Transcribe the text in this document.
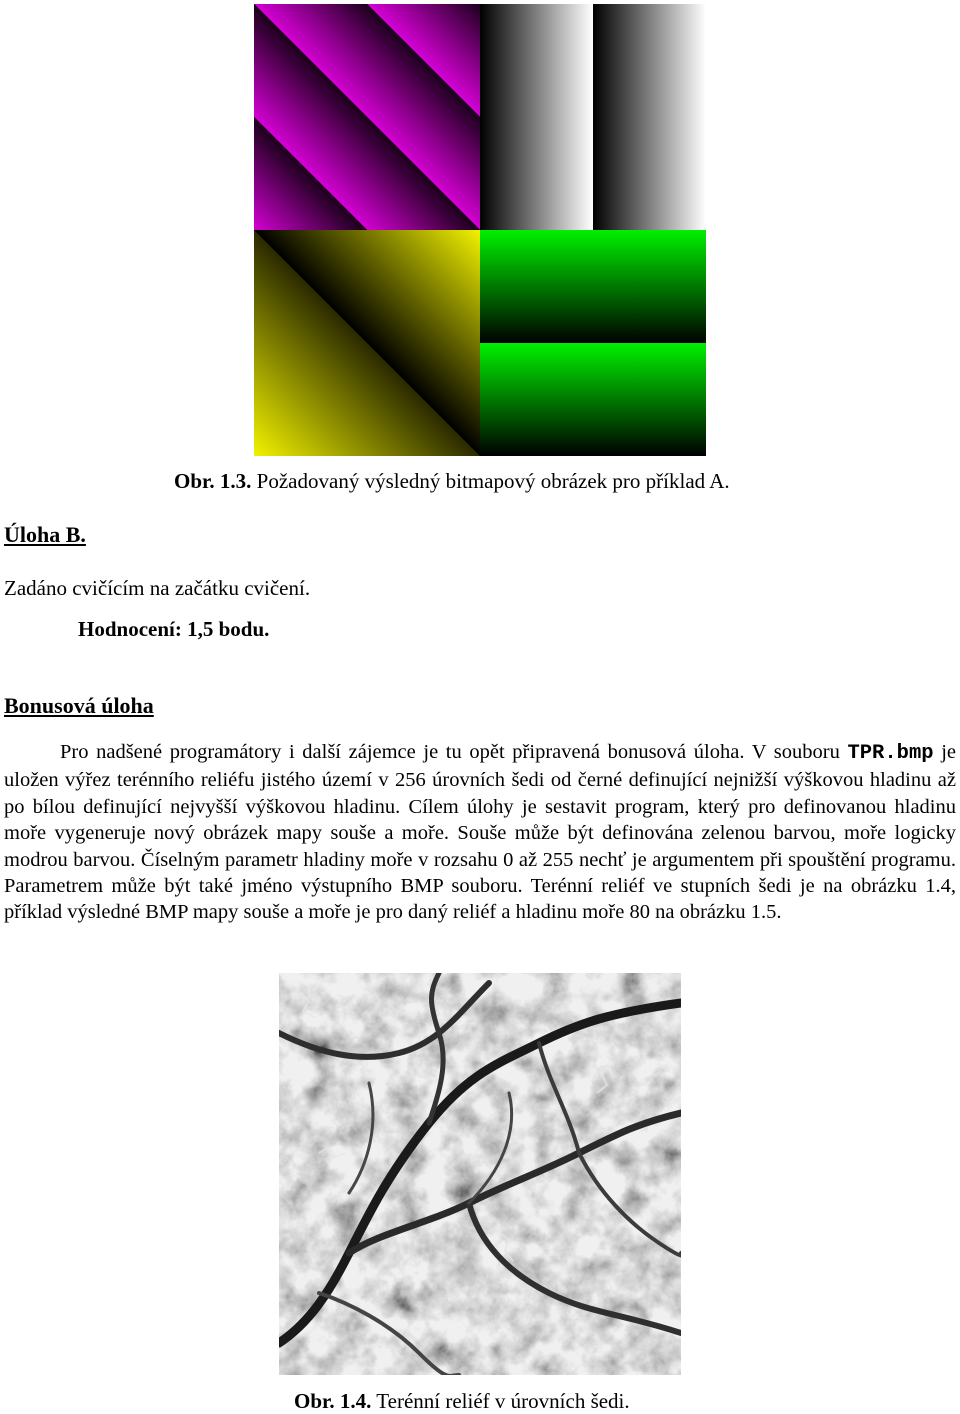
Obr. 1.3. Požadovaný výsledný bitmapový obrázek pro příklad A.
Úloha B.
Zadáno cvičícím na začátku cvičení.
Hodnocení: 1,5 bodu.
Bonusová úloha
Pro nadšené programátory i další zájemce je tu opět připravená bonusová úloha. V souboru TPR.bmp je uložen výřez terénního reliéfu jistého území v 256 úrovních šedi od černé definující nejnižší výškovou hladinu až po bílou definující nejvyšší výškovou hladinu. Cílem úlohy je sestavit program, který pro definovanou hladinu moře vygeneruje nový obrázek mapy souše a moře. Souše může být definována zelenou barvou, moře logicky modrou barvou. Číselným parametr hladiny moře v rozsahu 0 až 255 nechť je argumentem při spouštění programu. Parametrem může být také jméno výstupního BMP souboru. Terénní reliéf ve stupních šedi je na obrázku 1.4, příklad výsledné BMP mapy souše a moře je pro daný reliéf a hladinu moře 80 na obrázku 1.5.
Obr. 1.4. Terénní reliéf v úrovních šedi.
